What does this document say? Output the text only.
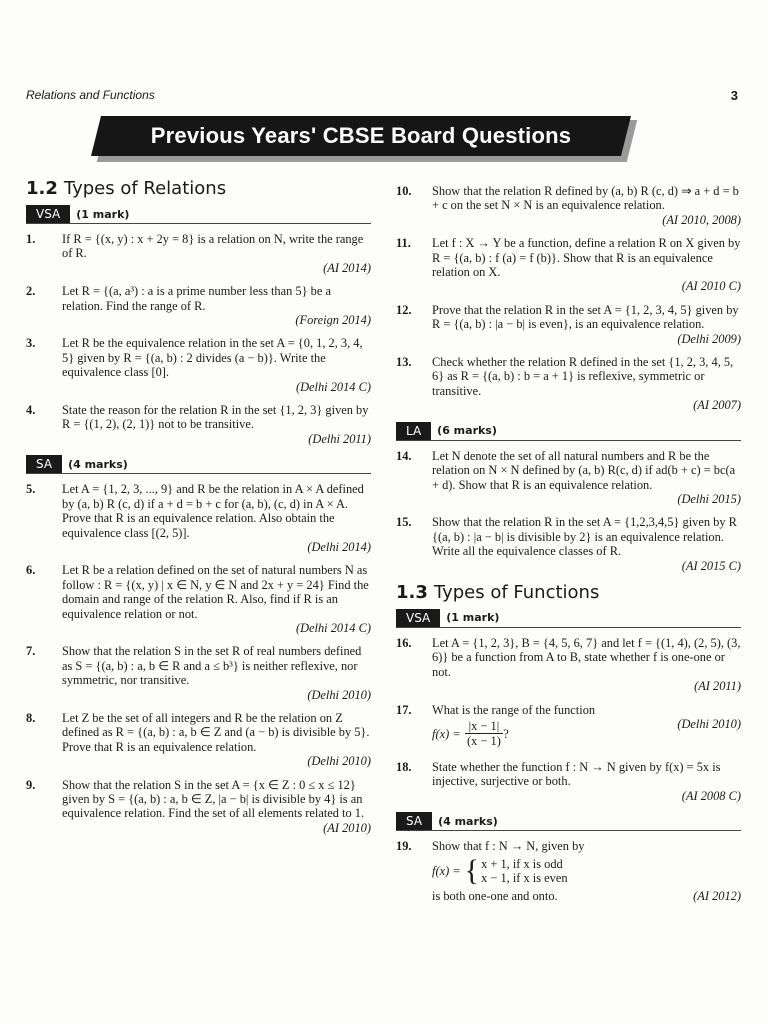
Relations and Functions	3
Previous Years' CBSE Board Questions
1.2 Types of Relations
VSA	(1 mark)
1.	If R = {(x, y) : x + 2y = 8} is a relation on N, write the range of R.
(AI 2014)
2.	Let R = {(a, a³) : a is a prime number less than 5} be a relation. Find the range of R.
(Foreign 2014)
3.	Let R be the equivalence relation in the set A = {0, 1, 2, 3, 4, 5} given by R = {(a, b) : 2 divides (a − b)}. Write the equivalence class [0].
(Delhi 2014 C)
4.	State the reason for the relation R in the set {1, 2, 3} given by R = {(1, 2), (2, 1)} not to be transitive.
(Delhi 2011)
SA	(4 marks)
5.	Let A = {1, 2, 3, ..., 9} and R be the relation in A × A defined by (a, b) R (c, d) if a + d = b + c for (a, b), (c, d) in A × A. Prove that R is an equivalence relation. Also obtain the equivalence class [(2, 5)].
(Delhi 2014)
6.	Let R be a relation defined on the set of natural numbers N as follow : R = {(x, y) | x ∈ N, y ∈ N and 2x + y = 24} Find the domain and range of the relation R. Also, find if R is an equivalence relation or not.
(Delhi 2014 C)
7.	Show that the relation S in the set R of real numbers defined as S = {(a, b) : a, b ∈ R and a ≤ b³} is neither reflexive, nor symmetric, nor transitive.
(Delhi 2010)
8.	Let Z be the set of all integers and R be the relation on Z defined as R = {(a, b) : a, b ∈ Z and (a − b) is divisible by 5}. Prove that R is an equivalence relation.
(Delhi 2010)
9.	Show that the relation S in the set A = {x ∈ Z : 0 ≤ x ≤ 12} given by S = {(a, b) : a, b ∈ Z, |a − b| is divisible by 4} is an equivalence relation. Find the set of all elements related to 1.
(AI 2010)
10.	Show that the relation R defined by (a, b) R (c, d) ⇒ a + d = b + c on the set N × N is an equivalence relation.
(AI 2010, 2008)
11.	Let f : X → Y be a function, define a relation R on X given by R = {(a, b) : f (a) = f (b)}. Show that R is an equivalence relation on X.
(AI 2010 C)
12.	Prove that the relation R in the set A = {1, 2, 3, 4, 5} given by R = {(a, b) : |a − b| is even}, is an equivalence relation.
(Delhi 2009)
13.	Check whether the relation R defined in the set {1, 2, 3, 4, 5, 6} as R = {(a, b) : b = a + 1} is reflexive, symmetric or transitive.
(AI 2007)
LA	(6 marks)
14.	Let N denote the set of all natural numbers and R be the relation on N × N defined by (a, b) R(c, d) if ad(b + c) = bc(a + d). Show that R is an equivalence relation.
(Delhi 2015)
15.	Show that the relation R in the set A = {1,2,3,4,5} given by R {(a, b) : |a − b| is divisible by 2} is an equivalence relation. Write all the equivalence classes of R.
(AI 2015 C)
1.3 Types of Functions
VSA	(1 mark)
16.	Let A = {1, 2, 3}, B = {4, 5, 6, 7} and let f = {(1, 4), (2, 5), (3, 6)} be a function from A to B, state whether f is one-one or not.
(AI 2011)
17.	What is the range of the function
$f(x) = \frac{|x - 1|}{(x - 1)}$ ?
(Delhi 2010)
18.	State whether the function f : N → N given by f(x) = 5x is injective, surjective or both.
(AI 2008 C)
SA	(4 marks)
19.	Show that f : N → N, given by
f(x) = { x + 1, if x is odd
x − 1, if x is even
is both one-one and onto.	(AI 2012)
